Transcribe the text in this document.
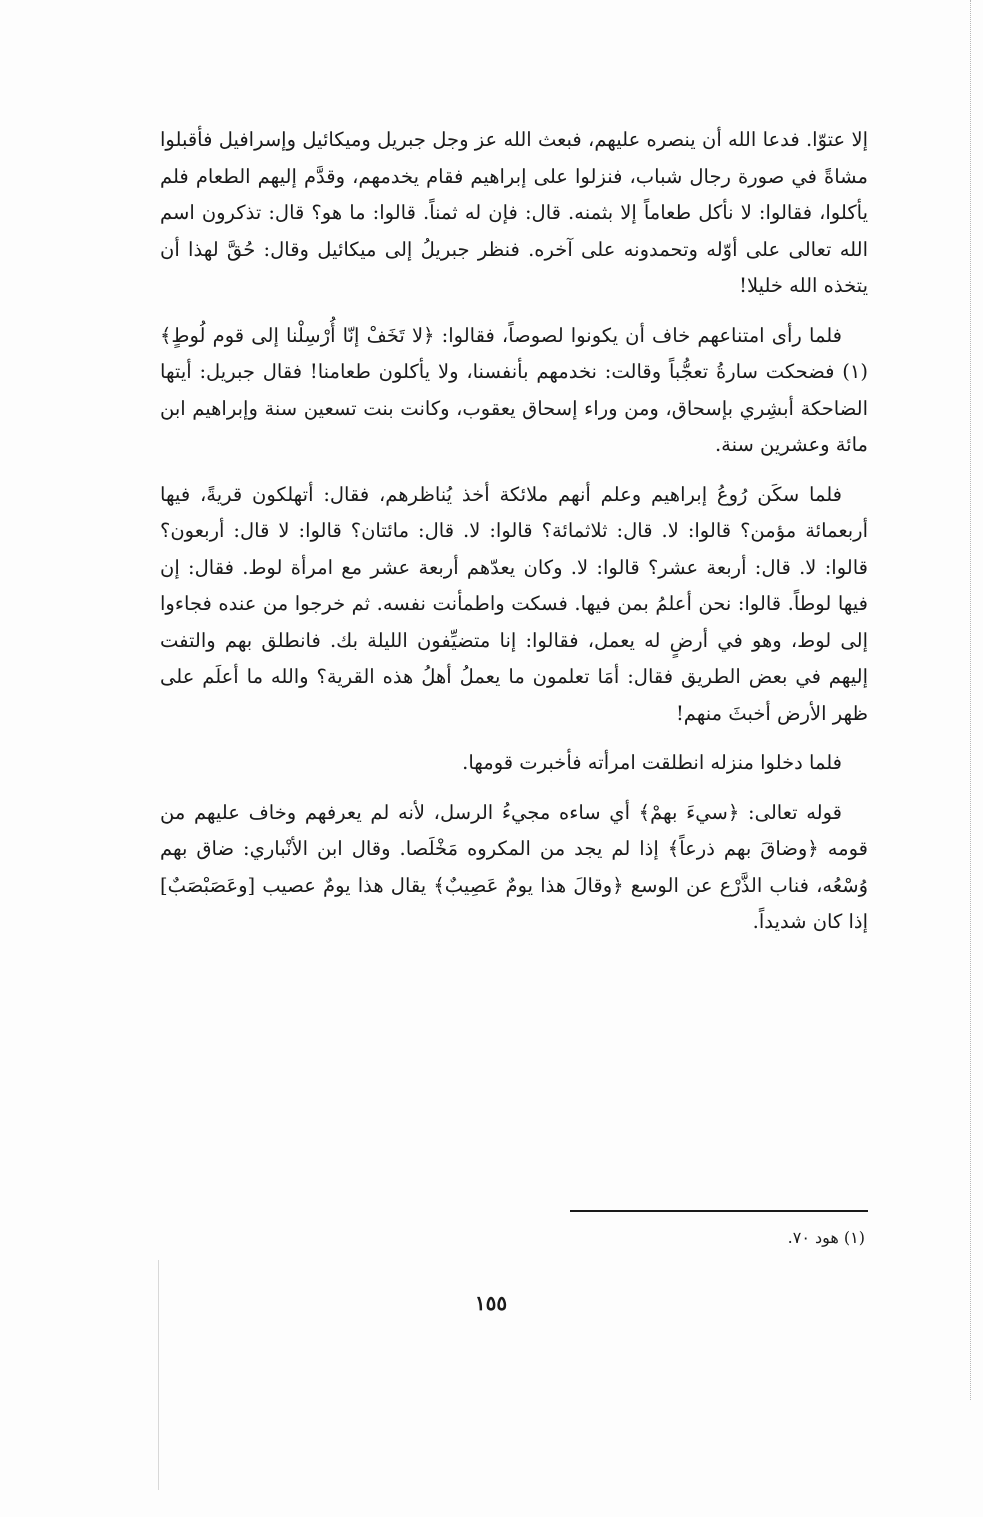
إلا عتوّا. فدعا الله أن ينصره عليهم، فبعث الله عز وجل جبريل وميكائيل وإسرافيل فأقبلوا مشاةً في صورة رجال شباب، فنزلوا على إبراهيم فقام يخدمهم، وقدَّم إليهم الطعام فلم يأكلوا، فقالوا: لا نأكل طعاماً إلا بثمنه. قال: فإن له ثمناً. قالوا: ما هو؟ قال: تذكرون اسم الله تعالى على أوّله وتحمدونه على آخره. فنظر جبريلُ إلى ميكائيل وقال: حُقَّ لهذا أن يتخذه الله خليلا!

فلما رأى امتناعهم خاف أن يكونوا لصوصاً، فقالوا: ﴿لا تَخَفْ إنّا أُرْسِلْنا إلى قوم لُوطٍ﴾ (١) فضحكت سارةُ تعجُّباً وقالت: نخدمهم بأنفسنا، ولا يأكلون طعامنا! فقال جبريل: أيتها الضاحكة أبشِري بإسحاق، ومن وراء إسحاق يعقوب، وكانت بنت تسعين سنة وإبراهيم ابن مائة وعشرين سنة.

فلما سكَن رُوعُ إبراهيم وعلم أنهم ملائكة أخذ يُناظرهم، فقال: أتهلكون قريةً، فيها أربعمائة مؤمن؟ قالوا: لا. قال: ثلاثمائة؟ قالوا: لا. قال: مائتان؟ قالوا: لا قال: أربعون؟ قالوا: لا. قال: أربعة عشر؟ قالوا: لا. وكان يعدّهم أربعة عشر مع امرأة لوط. فقال: إن فيها لوطاً. قالوا: نحن أعلمُ بمن فيها. فسكت واطمأنت نفسه. ثم خرجوا من عنده فجاءوا إلى لوط، وهو في أرضٍ له يعمل، فقالوا: إنا متضيِّفون الليلة بك. فانطلق بهم والتفت إليهم في بعض الطريق فقال: أمَا تعلمون ما يعملُ أهلُ هذه القرية؟ والله ما أعلَم على ظهر الأرض أخبثَ منهم!

فلما دخلوا منزله انطلقت امرأته فأخبرت قومها.

قوله تعالى: ﴿سيءَ بهمْ﴾ أي ساءه مجيءُ الرسل، لأنه لم يعرفهم وخاف عليهم من قومه ﴿وضاقَ بهم ذرعاً﴾ إذا لم يجد من المكروه مَخْلَصا. وقال ابن الأنْباري: ضاق بهم وُسْعُه، فناب الذَّرْع عن الوسع ﴿وقالَ هذا يومٌ عَصِيبٌ﴾ يقال هذا يومٌ عصيب [وعَصَبْصَبٌ] إذا كان شديداً.

(١) هود ٧٠.
١٥٥
